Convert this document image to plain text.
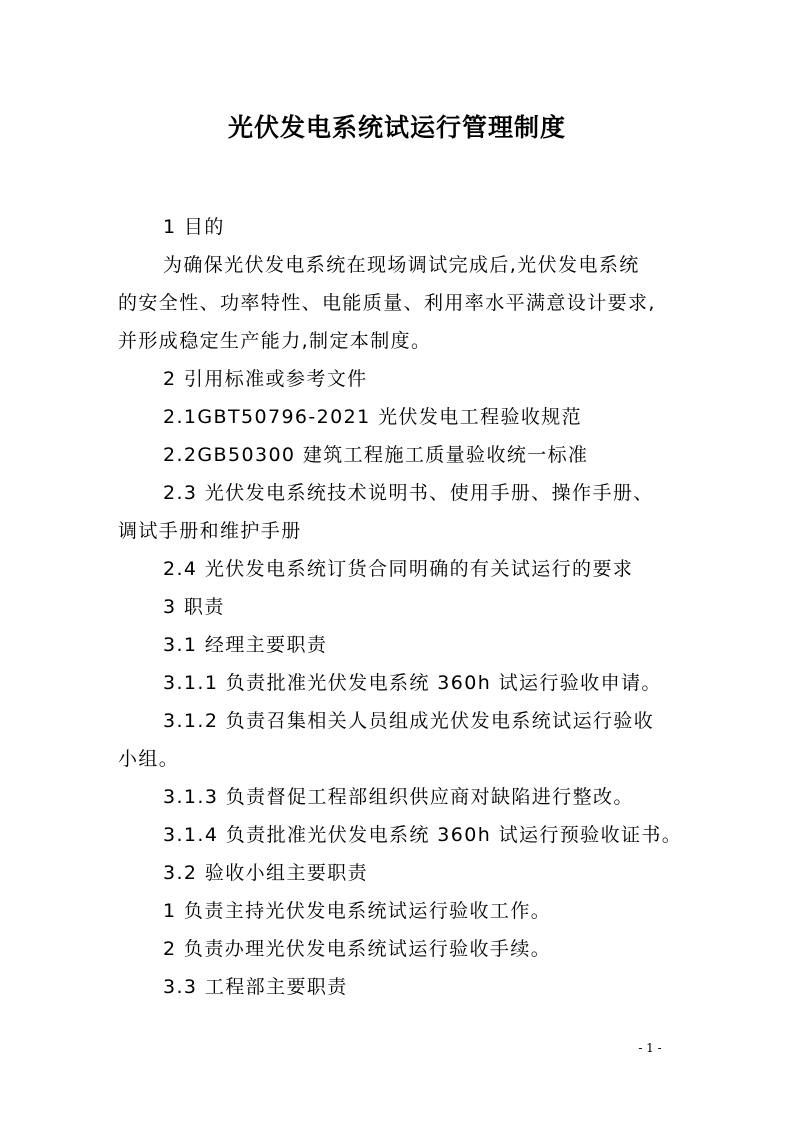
光伏发电系统试运行管理制度
1 目的
为确保光伏发电系统在现场调试完成后,光伏发电系统
的安全性、功率特性、电能质量、利用率水平满意设计要求,
并形成稳定生产能力,制定本制度。
2 引用标准或参考文件
2.1GBT50796-2021 光伏发电工程验收规范
2.2GB50300 建筑工程施工质量验收统一标准
2.3 光伏发电系统技术说明书、使用手册、操作手册、
调试手册和维护手册
2.4 光伏发电系统订货合同明确的有关试运行的要求
3 职责
3.1 经理主要职责
3.1.1 负责批准光伏发电系统 360h 试运行验收申请。
3.1.2 负责召集相关人员组成光伏发电系统试运行验收
小组。
3.1.3 负责督促工程部组织供应商对缺陷进行整改。
3.1.4 负责批准光伏发电系统 360h 试运行预验收证书。
3.2 验收小组主要职责
1 负责主持光伏发电系统试运行验收工作。
2 负责办理光伏发电系统试运行验收手续。
3.3 工程部主要职责
- 1 -
